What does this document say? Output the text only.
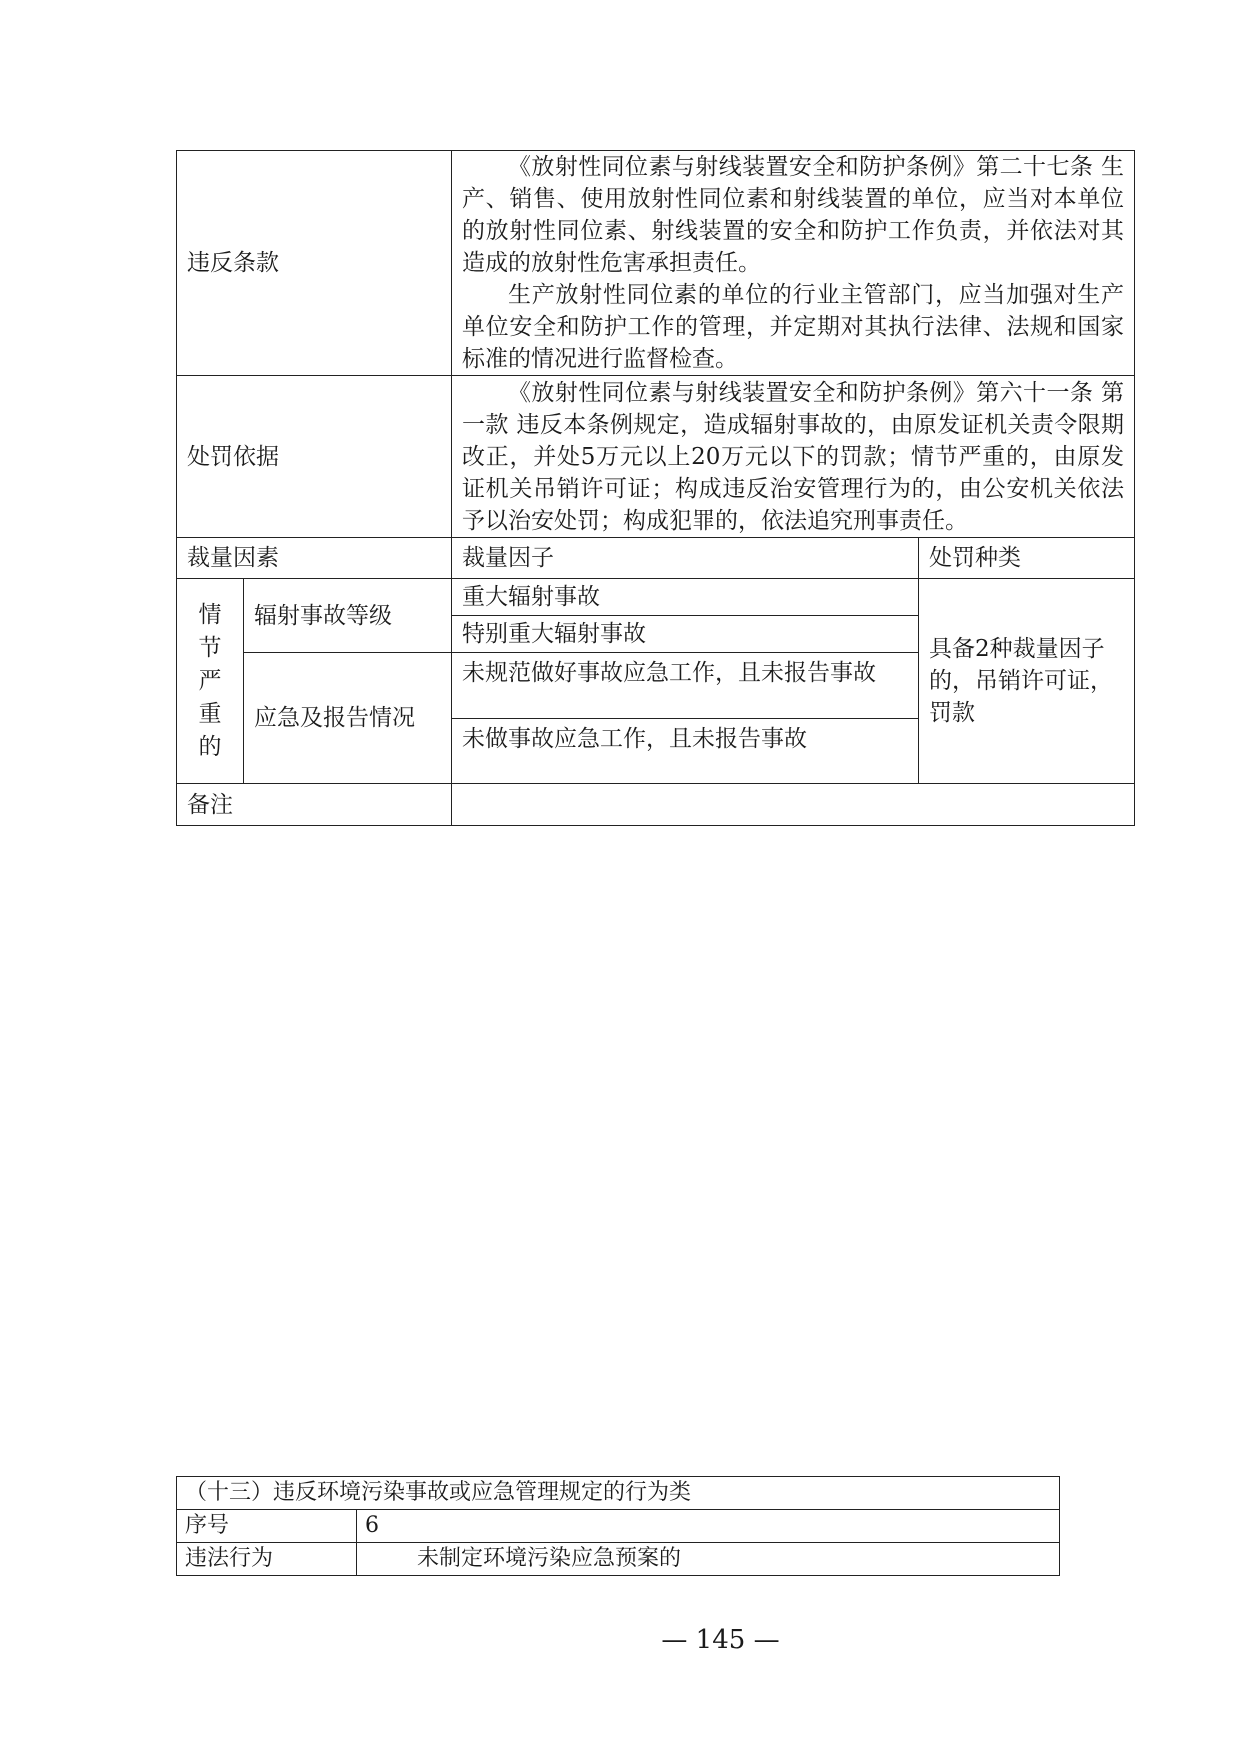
违反条款		《放射性同位素与射线装置安全和防护条例》第二十七条 生产、销售、使用放射性同位素和射线装置的单位，应当对本单位的放射性同位素、射线装置的安全和防护工作负责，并依法对其造成的放射性危害承担责任。

生产放射性同位素的单位的行业主管部门，应当加强对生产单位安全和防护工作的管理，并定期对其执行法律、法规和国家标准的情况进行监督检查。	

处罚依据		《放射性同位素与射线装置安全和防护条例》第六十一条 第一款 违反本条例规定，造成辐射事故的，由原发证机关责令限期改正，并处5万元以上20万元以下的罚款；情节严重的，由原发证机关吊销许可证；构成违反治安管理行为的，由公安机关依法予以治安处罚；构成犯罪的，依法追究刑事责任。	

裁量因素		裁量因子	处罚种类

情
节
严
重
的	辐射事故等级	重大辐射事故	具备2种裁量因子的，吊销许可证，罚款
		特别重大辐射事故	
	应急及报告情况	未规范做好事故应急工作，且未报告事故	
		未做事故应急工作，且未报告事故	
备注			
（十三）违反环境污染事故或应急管理规定的行为类	
序号	6
违法行为	未制定环境污染应急预案的
— 145 —
